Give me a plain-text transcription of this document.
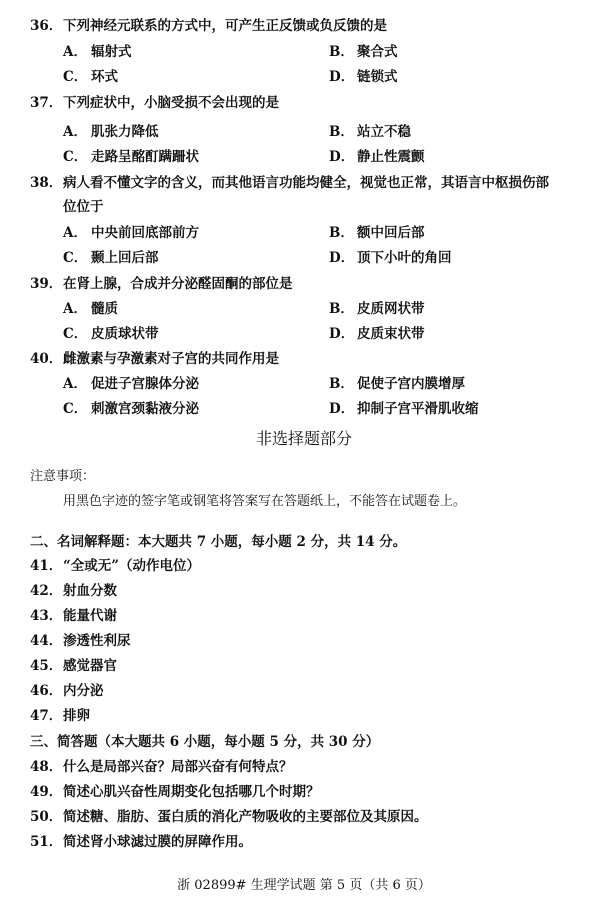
36．下列神经元联系的方式中，可产生正反馈或负反馈的是
A． 辐射式	B． 聚合式
C． 环式	D． 链锁式
37．下列症状中，小脑受损不会出现的是
A． 肌张力降低	B． 站立不稳
C． 走路呈酩酊蹒跚状	D． 静止性震颤
38．病人看不懂文字的含义，而其他语言功能均健全，视觉也正常，其语言中枢损伤部
位位于
A． 中央前回底部前方	B． 额中回后部
C． 颞上回后部	D． 顶下小叶的角回
39．在肾上腺，合成并分泌醛固酮的部位是
A． 髓质	B． 皮质网状带
C． 皮质球状带	D． 皮质束状带
40．雌激素与孕激素对子宫的共同作用是
A． 促进子宫腺体分泌	B． 促使子宫内膜增厚
C． 刺激宫颈黏液分泌	D． 抑制子宫平滑肌收缩
非选择题部分
注意事项：
用黑色字迹的签字笔或钢笔将答案写在答题纸上，不能答在试题卷上。
二、名词解释题：本大题共 7 小题，每小题 2 分，共 14 分。
41．“全或无”（动作电位）
42．射血分数
43．能量代谢
44．渗透性利尿
45．感觉器官
46．内分泌
47．排卵
三、简答题（本大题共 6 小题，每小题 5 分，共 30 分）
48．什么是局部兴奋？局部兴奋有何特点？
49．简述心肌兴奋性周期变化包括哪几个时期？
50．简述糖、脂肪、蛋白质的消化产物吸收的主要部位及其原因。
51．简述肾小球滤过膜的屏障作用。
浙 02899# 生理学试题 第 5 页（共 6 页）
